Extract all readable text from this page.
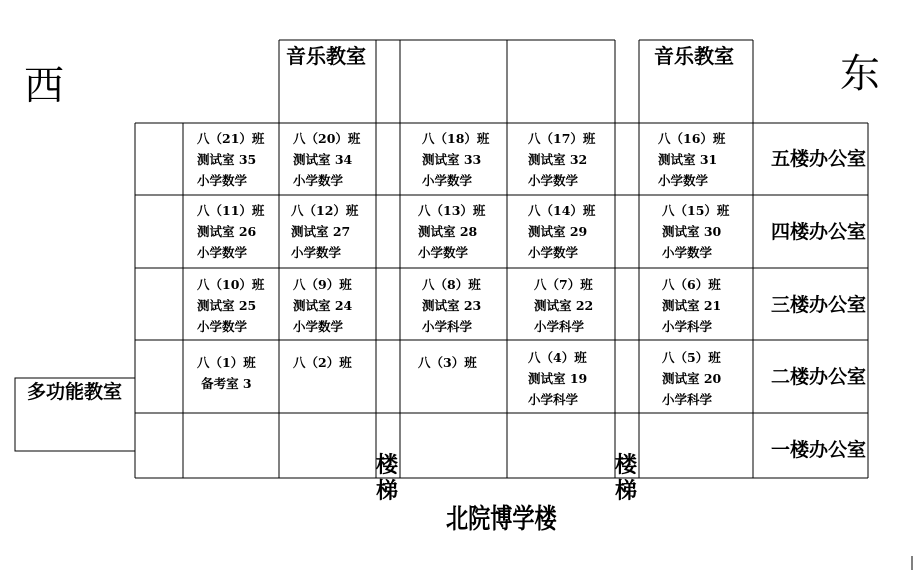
西	东
音乐教室	音乐教室
五楼办公室
四楼办公室
三楼办公室
二楼办公室
一楼办公室
多功能教室
楼梯
楼梯
北院博学楼
八（21）班
测试室 35
小学数学
八（20）班
测试室 34
小学数学
八（18）班
测试室 33
小学数学
八（17）班
测试室 32
小学数学
八（16）班
测试室 31
小学数学
八（11）班
测试室 26
小学数学
八（12）班
测试室 27
小学数学
八（13）班
测试室 28
小学数学
八（14）班
测试室 29
小学数学
八（15）班
测试室 30
小学数学
八（10）班
测试室 25
小学数学
八（9）班
测试室 24
小学数学
八（8）班
测试室 23
小学科学
八（7）班
测试室 22
小学科学
八（6）班
测试室 21
小学科学
八（1）班
备考室 3
八（2）班	八（3）班	八（4）班
测试室 19
小学科学
八（5）班
测试室 20
小学科学
